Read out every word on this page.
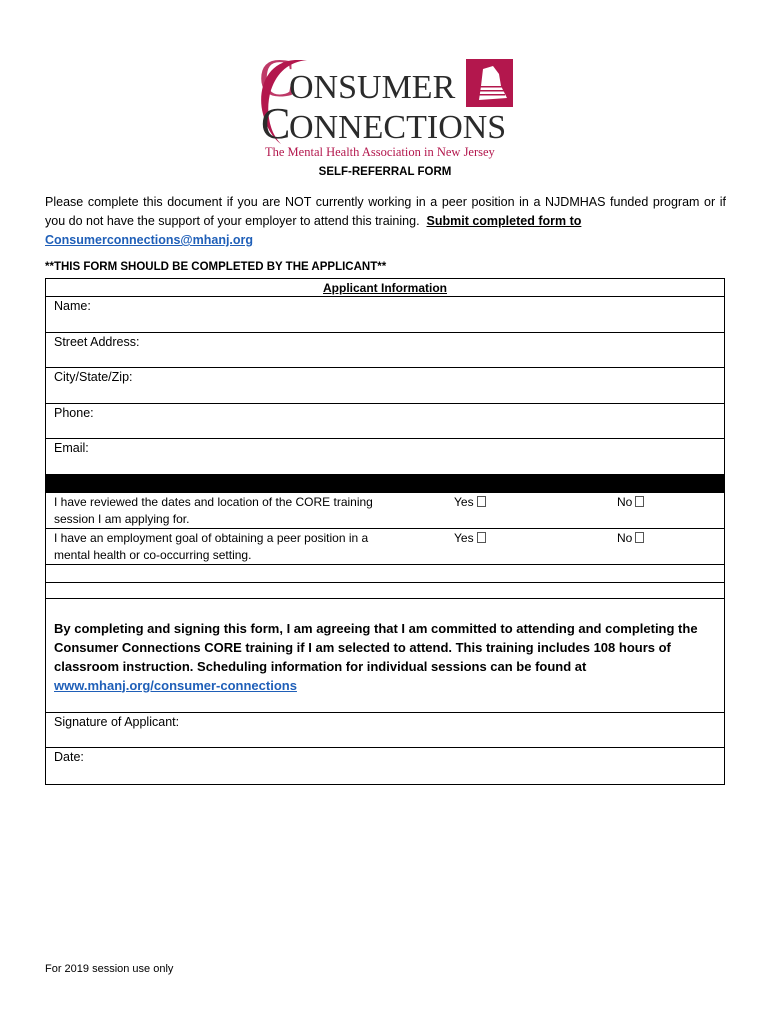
C
ONSUMER
C
ONNECTIONS
The Mental Health Association in New Jersey
SELF-REFERRAL FORM
Please complete this document if you are NOT currently working in a peer position in a NJDMHAS funded program or if you do not have the support of your employer to attend this training. Submit completed form to
Consumerconnections@mhanj.org
**THIS FORM SHOULD BE COMPLETED BY THE APPLICANT**
Applicant Information
Name:
Street Address:
City/State/Zip:
Phone:
Email:
I have reviewed the dates and location of the CORE training session I am applying for.
Yes	No
I have an employment goal of obtaining a peer position in a mental health or co-occurring setting.
Yes	No
By completing and signing this form, I am agreeing that I am committed to attending and completing the Consumer Connections CORE training if I am selected to attend. This training includes 108 hours of classroom instruction. Scheduling information for individual sessions can be found at
www.mhanj.org/consumer-connections
Signature of Applicant:
Date:
For 2019 session use only
